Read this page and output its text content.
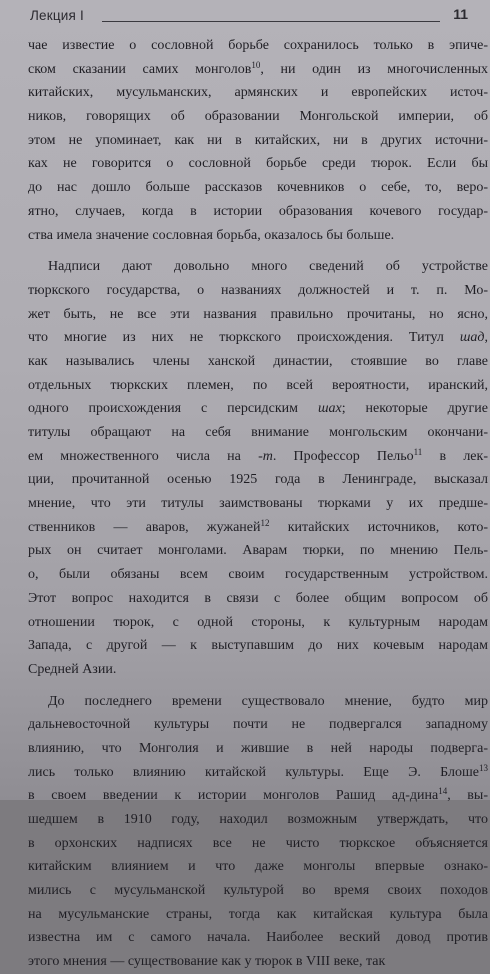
Лекция I	11
чае известие о сословной борьбе сохранилось только в эпиче-
ском сказании самих монголов$^{10}$, ни один из многочисленных
китайских, мусульманских, армянских и европейских источ-
ников, говорящих об образовании Монгольской империи, об
этом не упоминает, как ни в китайских, ни в других источни-
ках не говорится о сословной борьбе среди тюрок. Если бы
до нас дошло больше рассказов кочевников о себе, то, веро-
ятно, случаев, когда в истории образования кочевого государ-
ства имела значение сословная борьба, оказалось бы больше.
Надписи дают довольно много сведений об устройстве
тюркского государства, о названиях должностей и т. п. Мо-
жет быть, не все эти названия правильно прочитаны, но ясно,
что многие из них не тюркского происхождения. Титул шад,
как назывались члены ханской династии, стоявшие во главе
отдельных тюркских племен, по всей вероятности, иранский,
одного происхождения с персидским шах; некоторые другие
титулы обращают на себя внимание монгольским окончани-
ем множественного числа на -т. Профессор Пельо$^{11}$ в лек-
ции, прочитанной осенью 1925 года в Ленинграде, высказал
мнение, что эти титулы заимствованы тюрками у их предше-
ственников — аваров, жужаней$^{12}$ китайских источников, кото-
рых он считает монголами. Аварам тюрки, по мнению Пель-
о, были обязаны всем своим государственным устройством.
Этот вопрос находится в связи с более общим вопросом об
отношении тюрок, с одной стороны, к культурным народам
Запада, с другой — к выступавшим до них кочевым народам
Средней Азии.
До последнего времени существовало мнение, будто мир
дальневосточной культуры почти не подвергался западному
влиянию, что Монголия и жившие в ней народы подверга-
лись только влиянию китайской культуры. Еще Э. Блоше$^{13}$
в своем введении к истории монголов Рашид ад-дина$^{14}$, вы-
шедшем в 1910 году, находил возможным утверждать, что
в орхонских надписях все не чисто тюркское объясняется
китайским влиянием и что даже монголы впервые ознако-
мились с мусульманской культурой во время своих походов
на мусульманские страны, тогда как китайская культура была
известна им с самого начала. Наиболее веский довод против
этого мнения — существование как у тюрок в VIII веке, так
